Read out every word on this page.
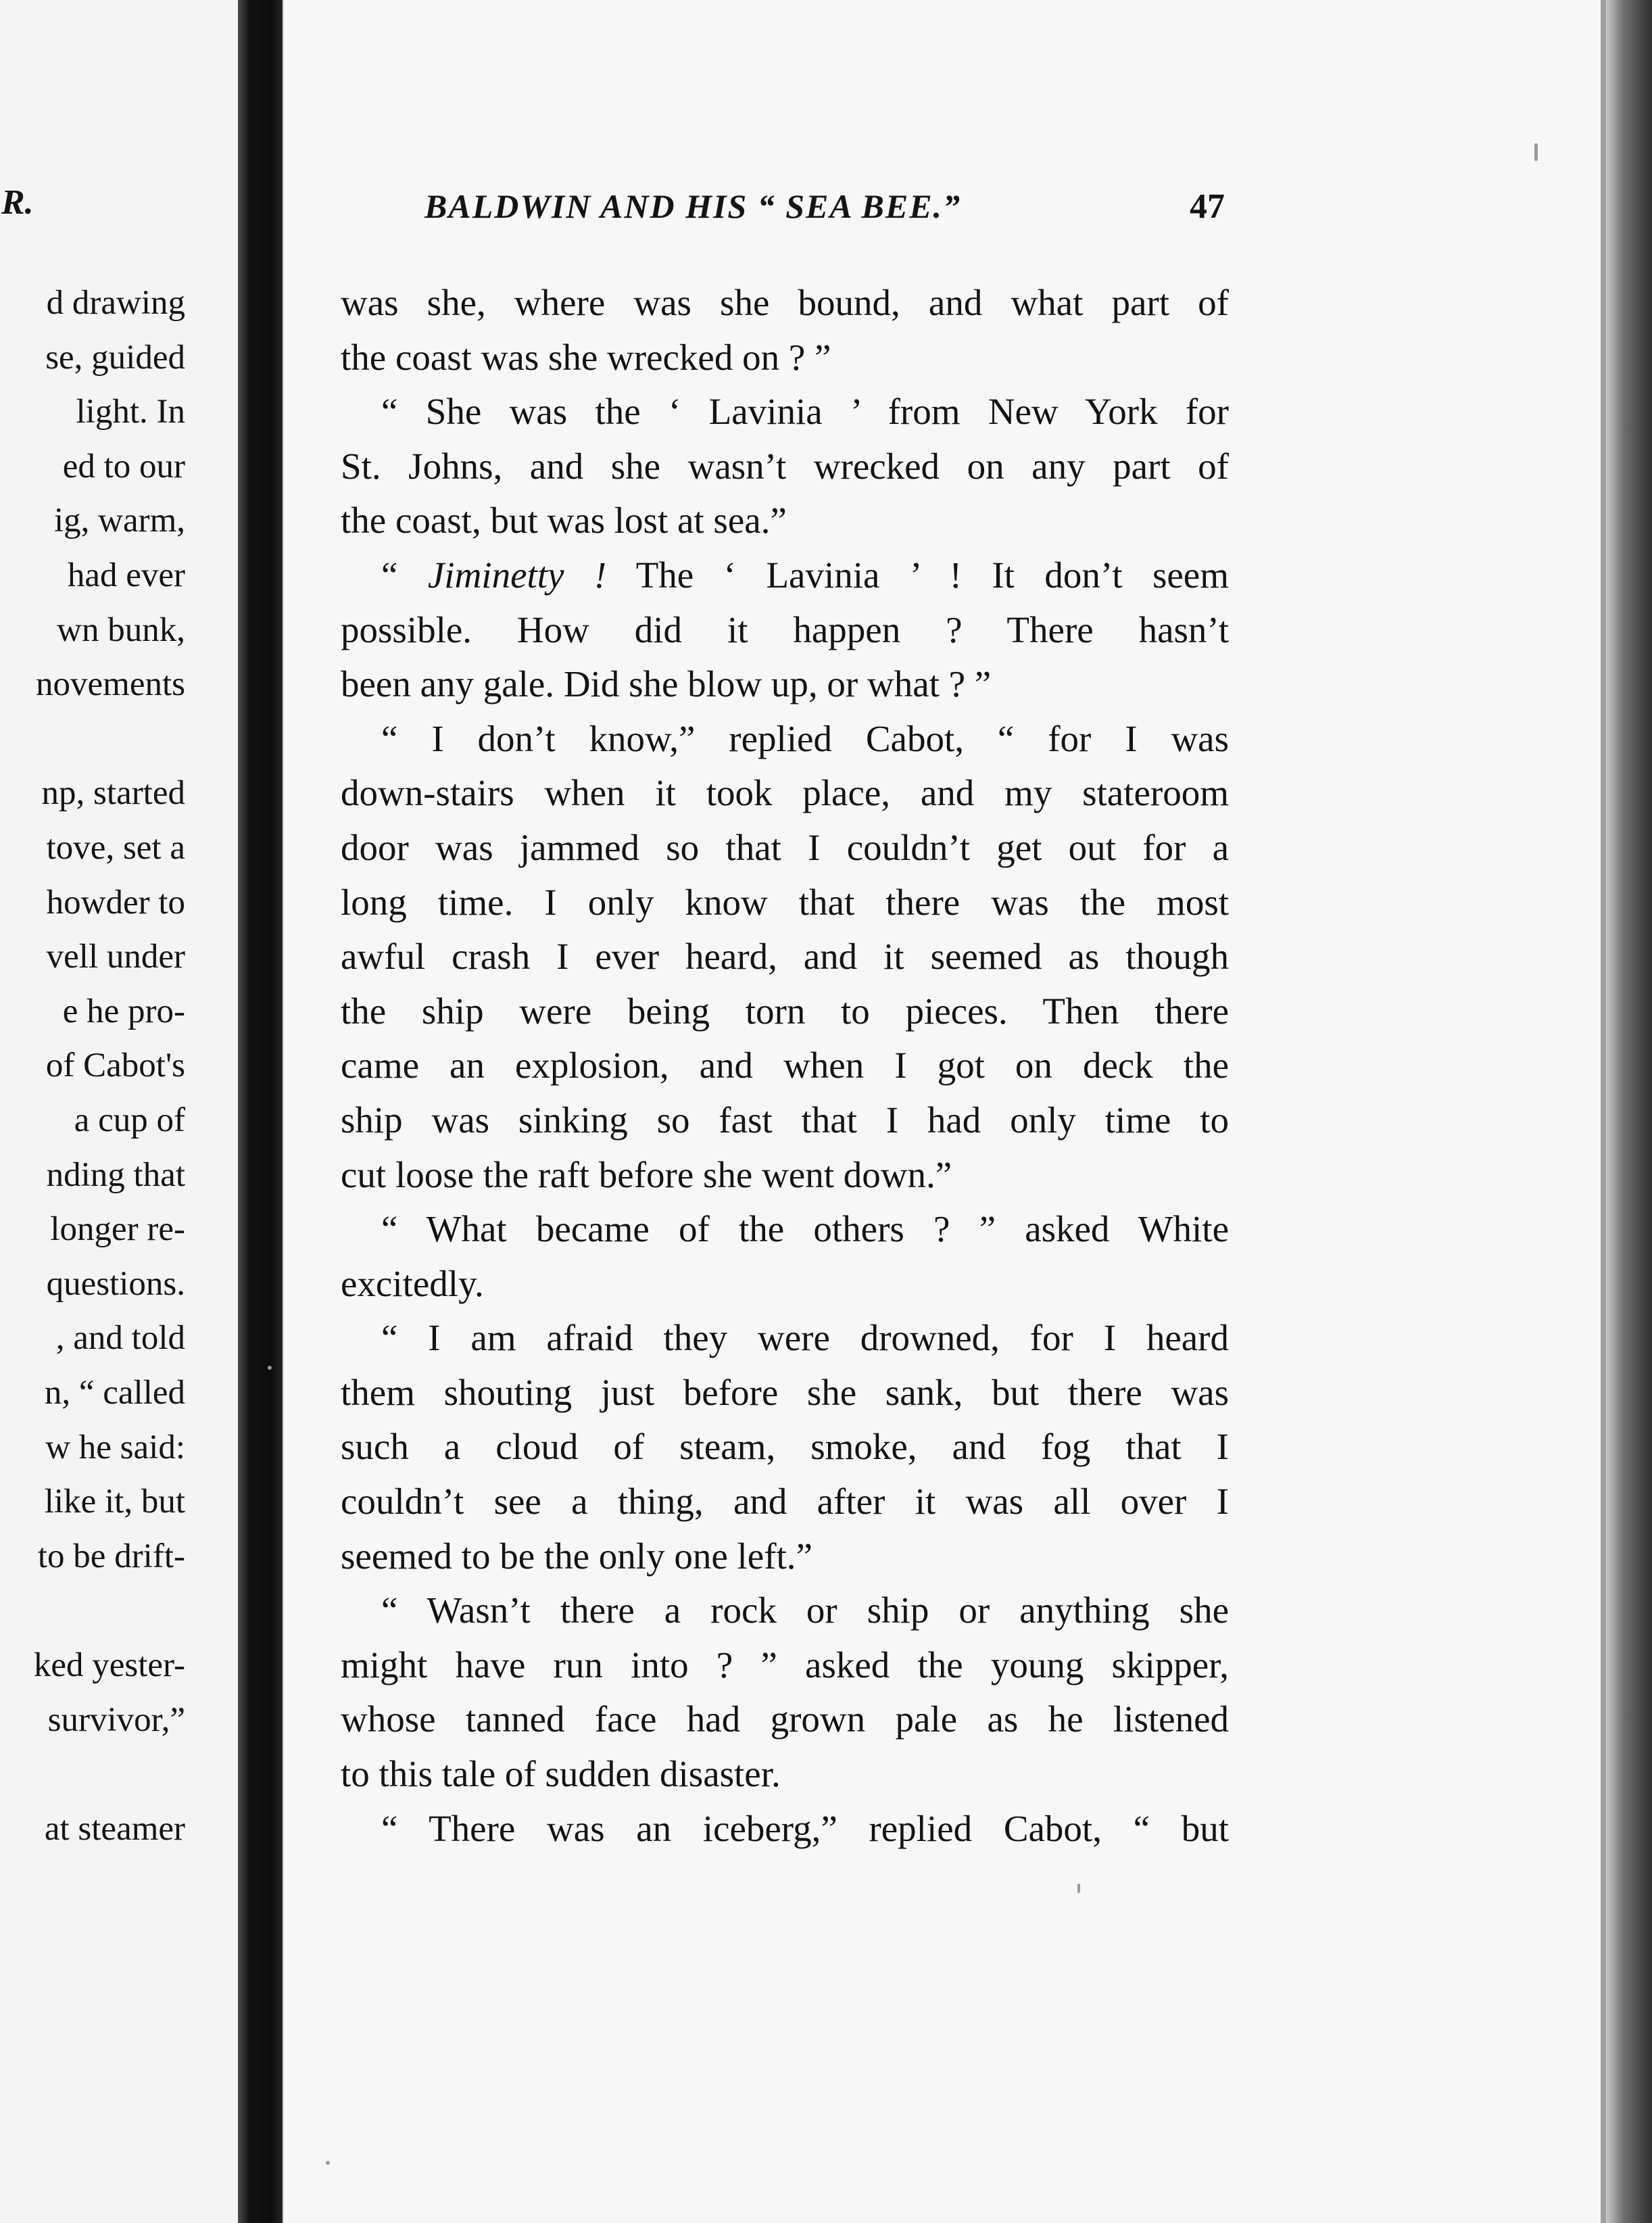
R.
d drawing
se, guided
light. In
ed to our
ig, warm,
had ever
wn bunk,
novements
np, started
tove, set a
howder to
vell under
e he pro-
of Cabot's
a cup of
nding that
longer re-
questions.
, and told
n, “ called
w he said:
like it, but
to be drift-
ked yester-
survivor,”
at steamer
BALDWIN AND HIS “ SEA BEE.”	47
was she, where was she bound, and what part of
the coast was she wrecked on ? ”
“ She was the ‘ Lavinia ’ from New York for
St. Johns, and she wasn’t wrecked on any part of
the coast, but was lost at sea.”
“ Jiminetty ! The ‘ Lavinia ’ ! It don’t seem
possible. How did it happen ? There hasn’t
been any gale. Did she blow up, or what ? ”
“ I don’t know,” replied Cabot, “ for I was
down-stairs when it took place, and my stateroom
door was jammed so that I couldn’t get out for a
long time. I only know that there was the most
awful crash I ever heard, and it seemed as though
the ship were being torn to pieces. Then there
came an explosion, and when I got on deck the
ship was sinking so fast that I had only time to
cut loose the raft before she went down.”
“ What became of the others ? ” asked White
excitedly.
“ I am afraid they were drowned, for I heard
them shouting just before she sank, but there was
such a cloud of steam, smoke, and fog that I
couldn’t see a thing, and after it was all over I
seemed to be the only one left.”
“ Wasn’t there a rock or ship or anything she
might have run into ? ” asked the young skipper,
whose tanned face had grown pale as he listened
to this tale of sudden disaster.
“ There was an iceberg,” replied Cabot, “ but
